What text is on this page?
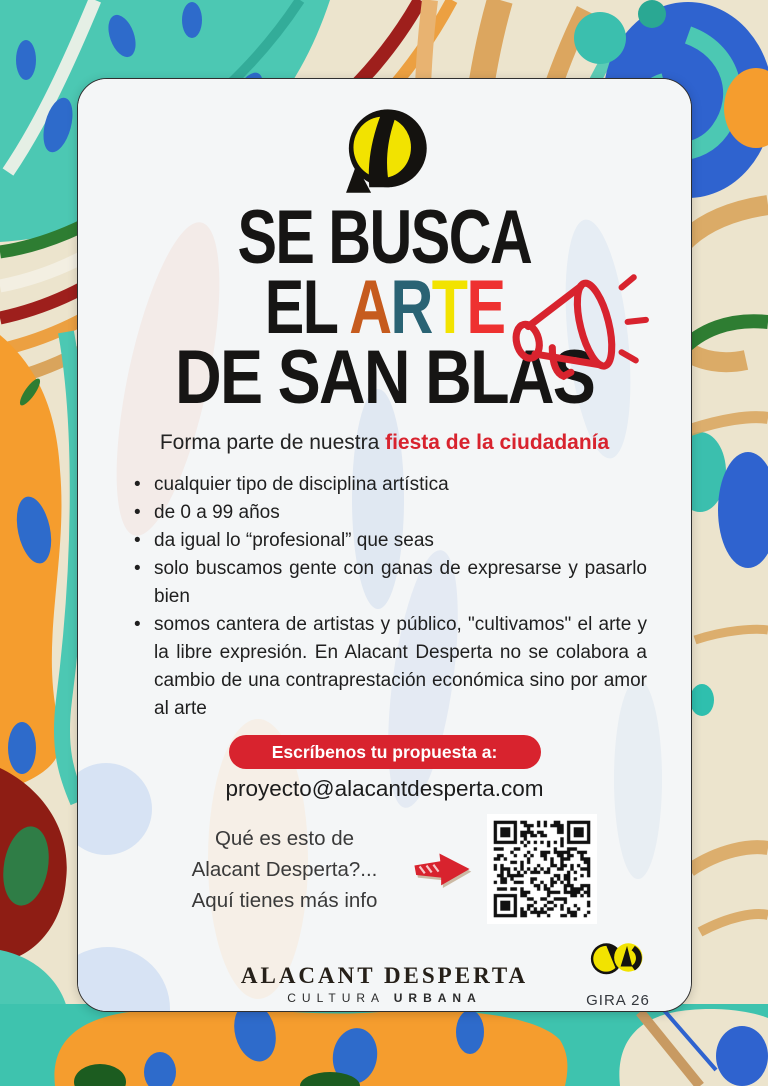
SE BUSCA
EL ARTE
DE SAN BLAS
Forma parte de nuestra fiesta de la ciudadanía
• cualquier tipo de disciplina artística
• de 0 a 99 años
• da igual lo “profesional” que seas
• solo buscamos gente con ganas de expresarse y pasarlo bien
• somos cantera de artistas y público, "cultivamos" el arte y la libre expresión. En Alacant Desperta no se colabora a cambio de una contraprestación económica sino por amor al arte
Escríbenos tu propuesta a:
proyecto@alacantdesperta.com
Qué es esto de
Alacant Desperta?...
Aquí tienes más info
ALACANT DESPERTA
CULTURA URBANA	GIRA 26
